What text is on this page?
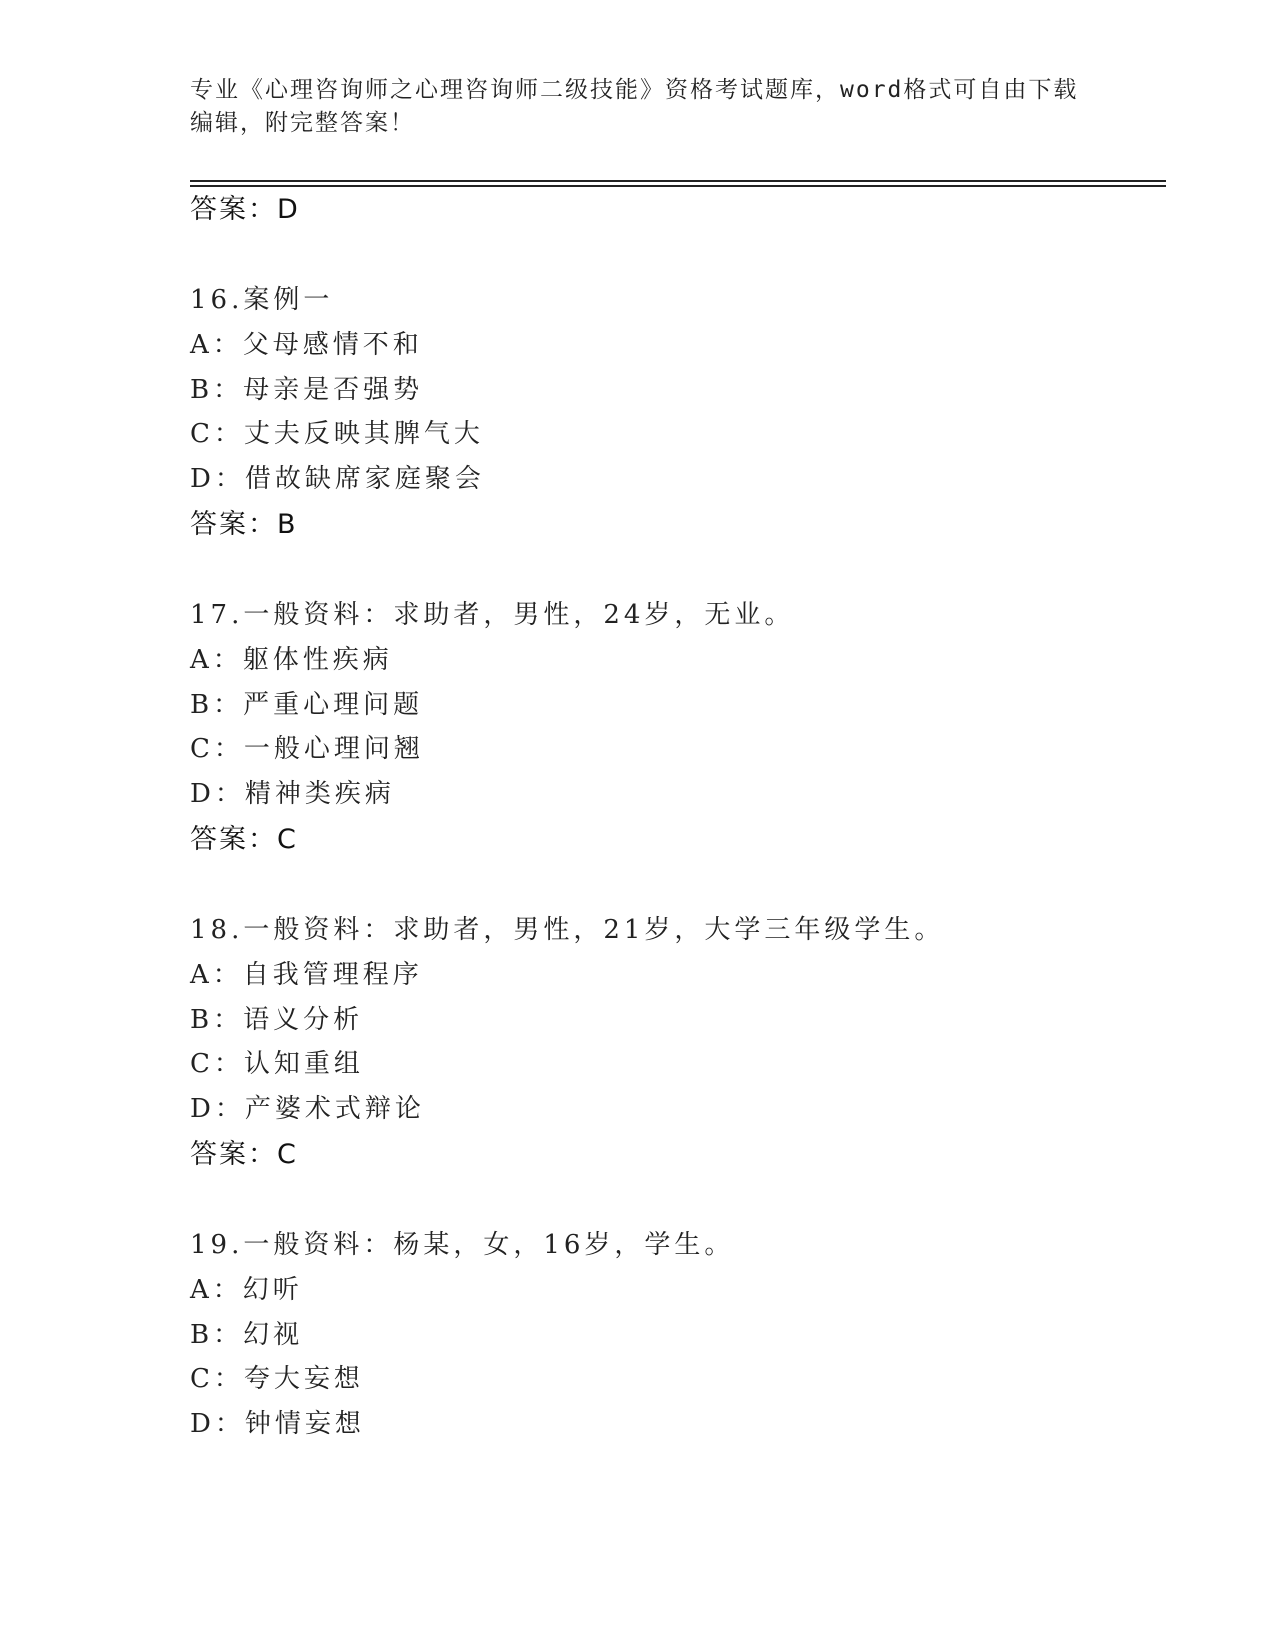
专业《心理咨询师之心理咨询师二级技能》资格考试题库，word格式可自由下载
编辑，附完整答案！
答案：D
16.案例一
A：父母感情不和
B：母亲是否强势
C：丈夫反映其脾气大
D：借故缺席家庭聚会
答案：B
17.一般资料：求助者，男性，24岁，无业。
A：躯体性疾病
B：严重心理问题
C：一般心理问翘
D：精神类疾病
答案：C
18.一般资料：求助者，男性，21岁，大学三年级学生。
A：自我管理程序
B：语义分析
C：认知重组
D：产婆术式辩论
答案：C
19.一般资料：杨某，女，16岁，学生。
A：幻听
B：幻视
C：夸大妄想
D：钟情妄想
